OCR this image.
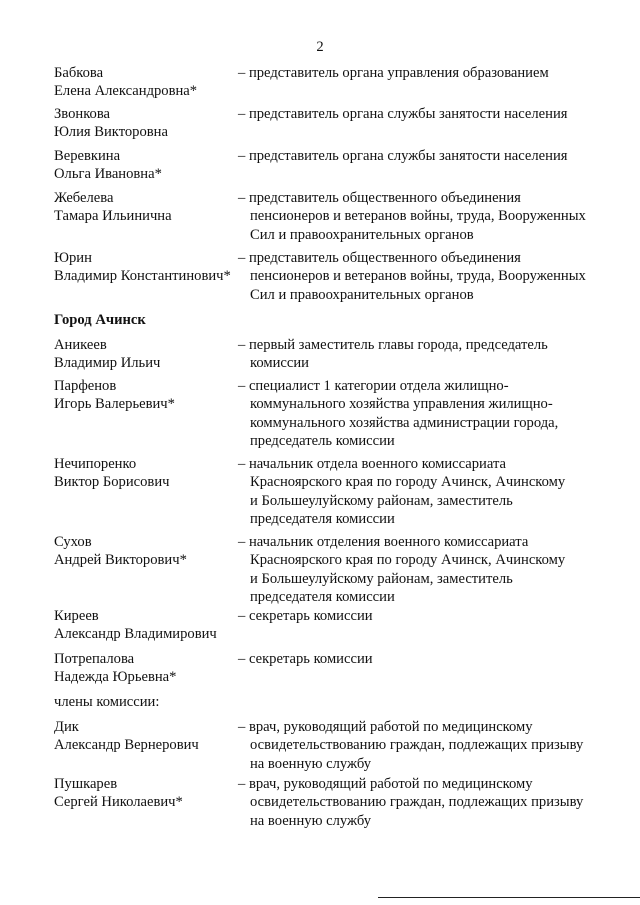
2
Бабкова
Елена Александровна*
– представитель органа управления образованием
Звонкова
Юлия Викторовна
– представитель органа службы занятости населения
Веревкина
Ольга Ивановна*
– представитель органа службы занятости населения
Жебелева
Тамара Ильинична
– представитель общественного объединения
пенсионеров и ветеранов войны, труда, Вооруженных
Сил и правоохранительных органов
Юрин
Владимир Константинович*
– представитель общественного объединения
пенсионеров и ветеранов войны, труда, Вооруженных
Сил и правоохранительных органов
Город Ачинск
Аникеев
Владимир Ильич
– первый заместитель главы города, председатель
комиссии
Парфенов
Игорь Валерьевич*
– специалист 1 категории отдела жилищно-
коммунального хозяйства управления жилищно-
коммунального хозяйства администрации города,
председатель комиссии
Нечипоренко
Виктор Борисович
– начальник отдела военного комиссариата
Красноярского края по городу Ачинск, Ачинскому
и Большеулуйскому районам, заместитель
председателя комиссии
Сухов
Андрей Викторович*
– начальник отделения военного комиссариата
Красноярского края по городу Ачинск, Ачинскому
и Большеулуйскому районам, заместитель
председателя комиссии
Киреев
Александр Владимирович
– секретарь комиссии
Потрепалова
Надежда Юрьевна*
– секретарь комиссии
члены комиссии:
Дик
Александр Вернерович
– врач, руководящий работой по медицинскому
освидетельствованию граждан, подлежащих призыву
на военную службу
Пушкарев
Сергей Николаевич*
– врач, руководящий работой по медицинскому
освидетельствованию граждан, подлежащих призыву
на военную службу
